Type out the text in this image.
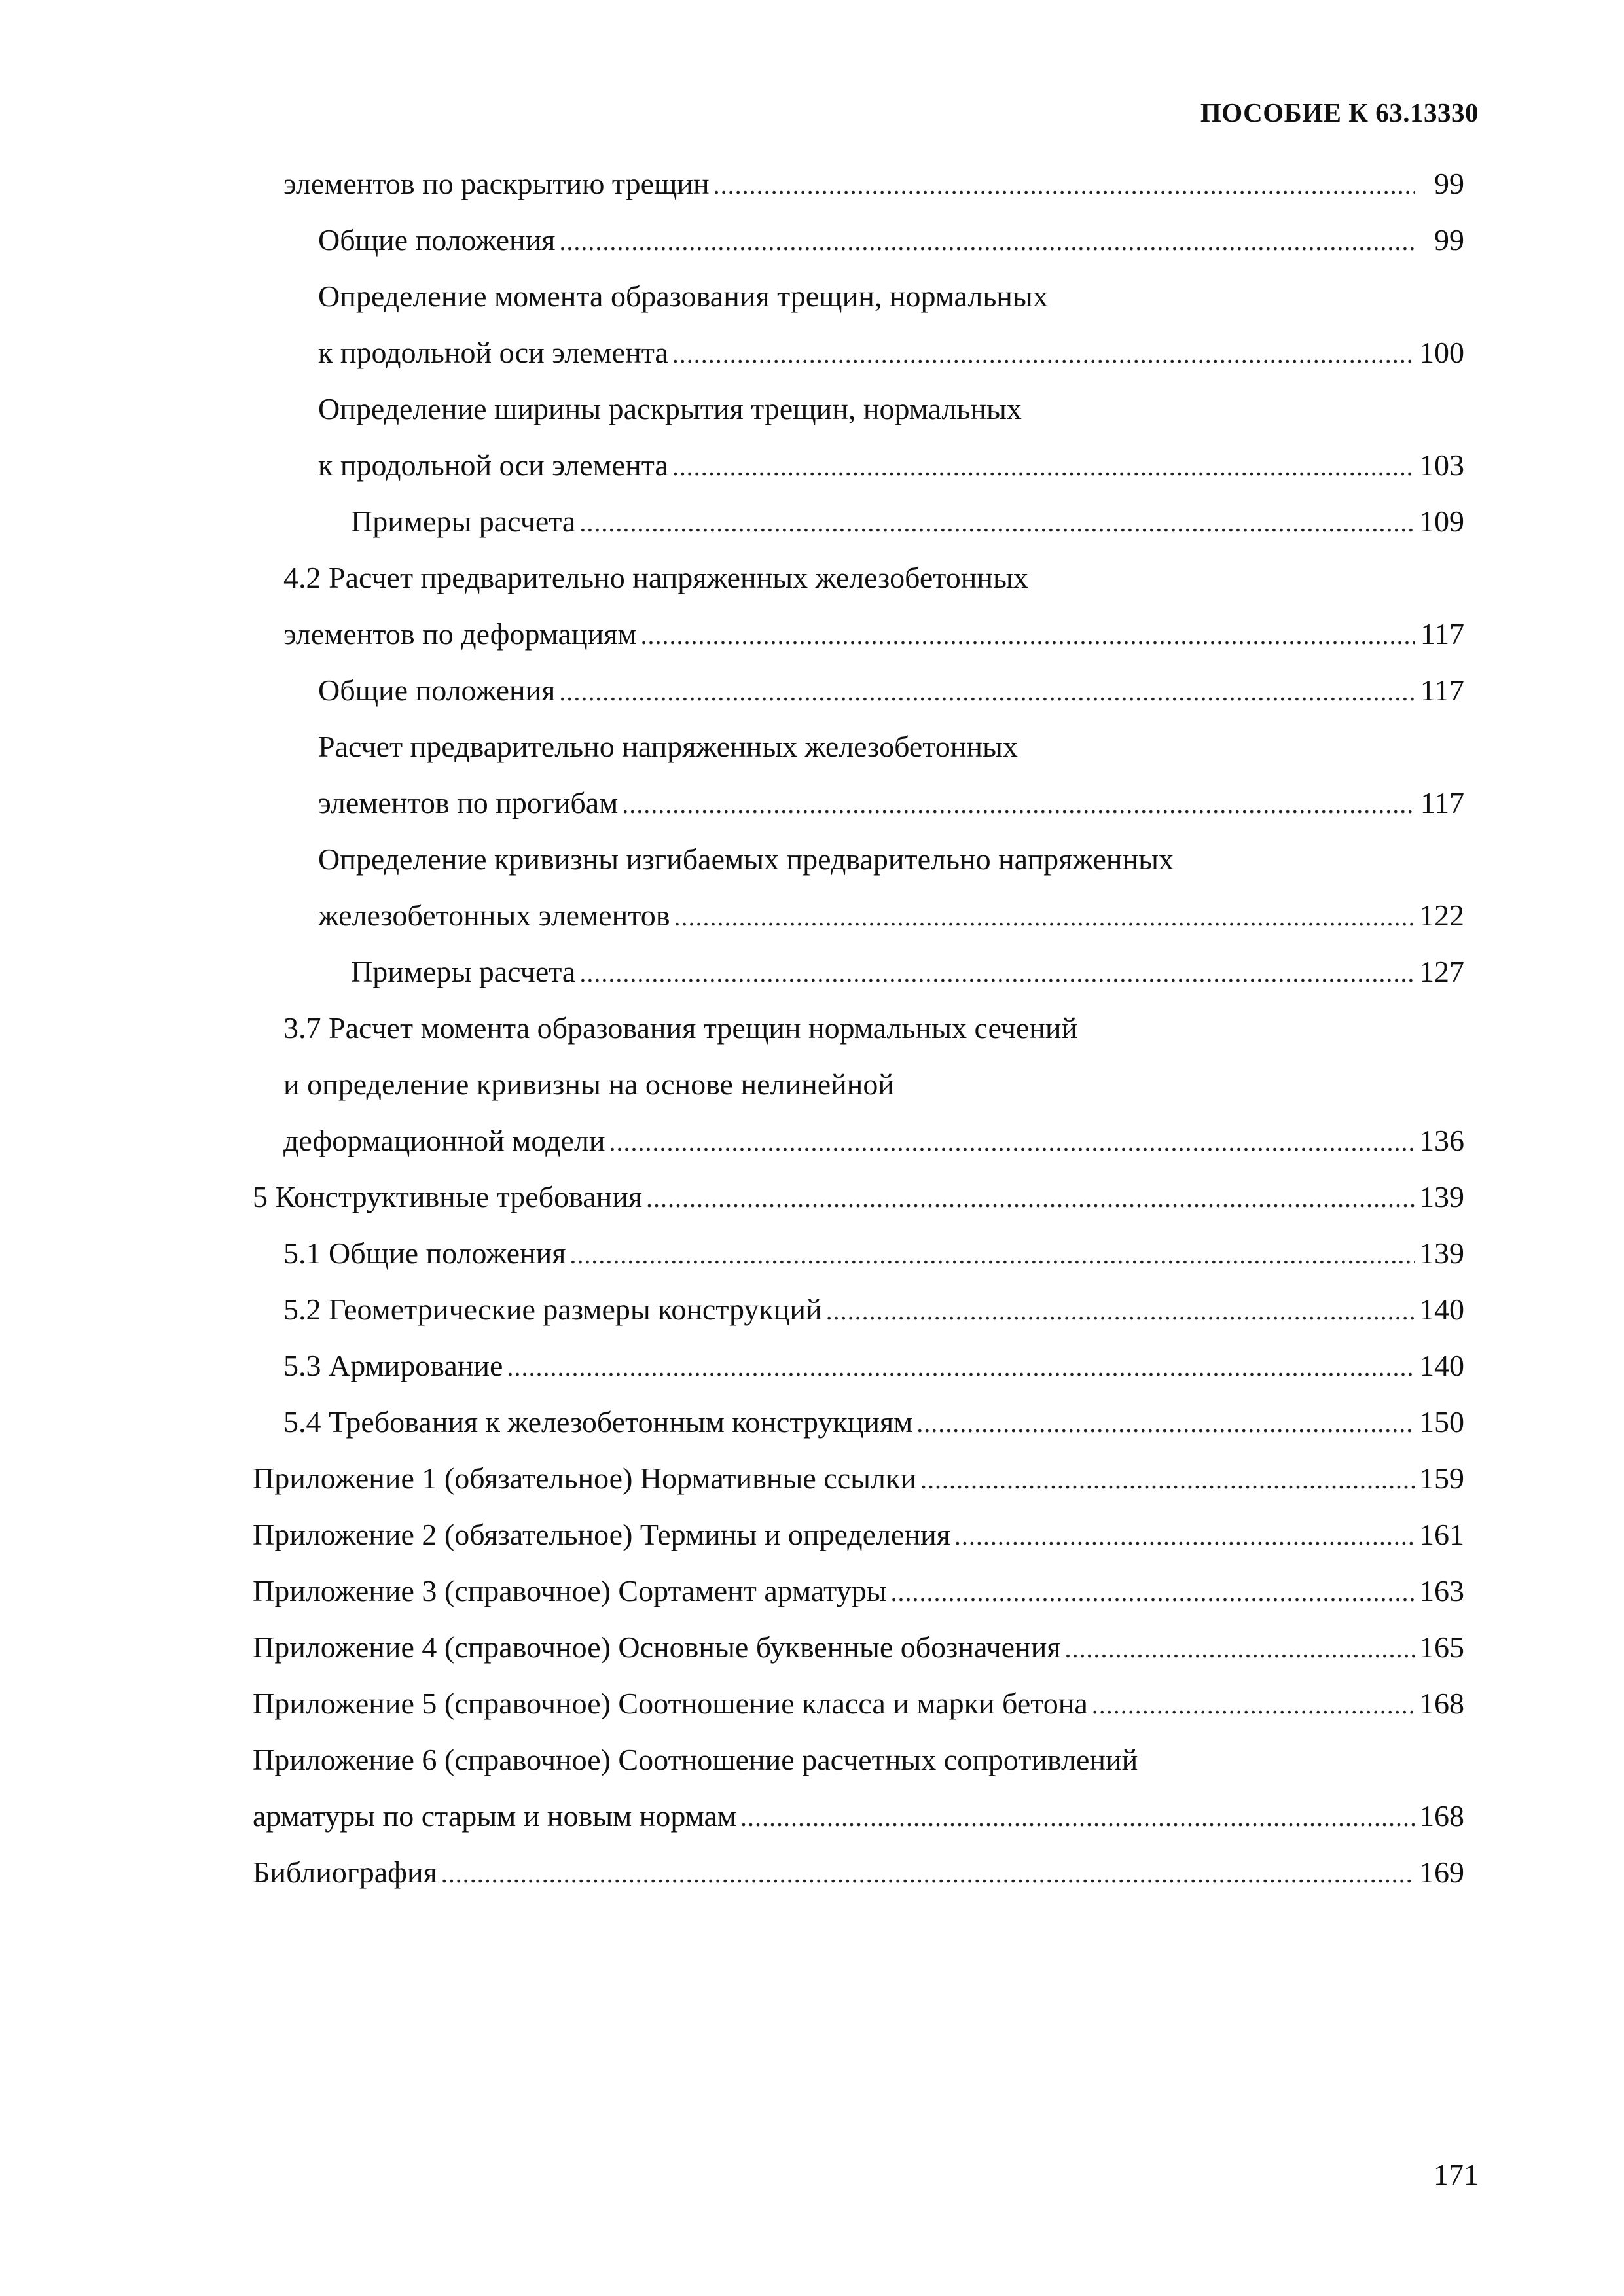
ПОСОБИЕ К 63.13330
элементов по раскрытию трещин .....	99
Общие положения .....	99
Определение момента образования трещин, нормальных
к продольной оси элемента .....	100
Определение ширины раскрытия трещин, нормальных
к продольной оси элемента .....	103
Примеры расчета .....	109
4.2 Расчет предварительно напряженных железобетонных
элементов по деформациям .....	117
Общие положения .....	117
Расчет предварительно напряженных железобетонных
элементов по прогибам .....	117
Определение кривизны изгибаемых предварительно напряженных
железобетонных элементов .....	122
Примеры расчета .....	127
3.7 Расчет момента образования трещин нормальных сечений
и определение кривизны на основе нелинейной
деформационной модели .....	136
5 Конструктивные требования .....	139
5.1 Общие положения .....	139
5.2 Геометрические размеры конструкций .....	140
5.3 Армирование .....	140
5.4 Требования к железобетонным конструкциям .....	150
Приложение 1 (обязательное) Нормативные ссылки .....	159
Приложение 2 (обязательное) Термины и определения .....	161
Приложение 3 (справочное) Сортамент арматуры .....	163
Приложение 4 (справочное) Основные буквенные обозначения .....	165
Приложение 5 (справочное) Соотношение класса и марки бетона .....	168
Приложение 6 (справочное) Соотношение расчетных сопротивлений
арматуры по старым и новым нормам .....	168
Библиография .....	169
171
